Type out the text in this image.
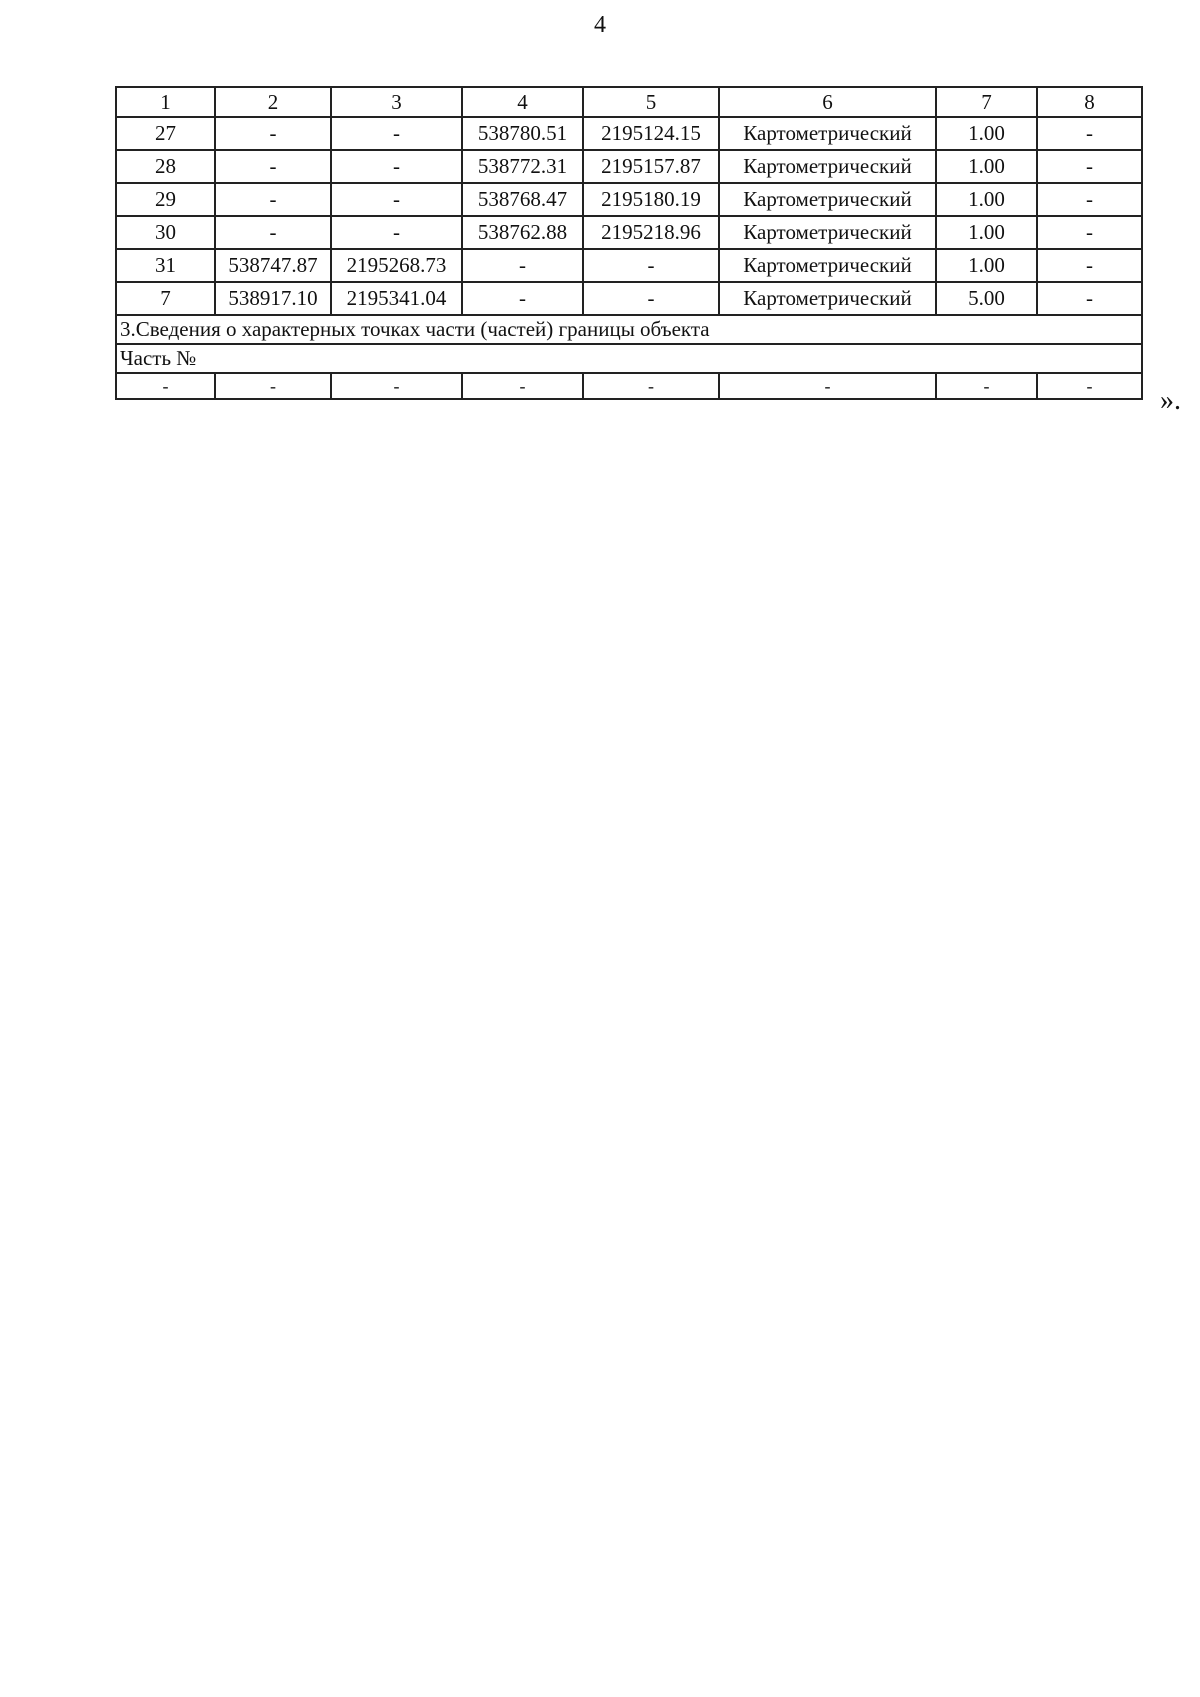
4
1	2	3	4	5	6	7	8
27	-	-	538780.51	2195124.15	Картометрический	1.00	-
28	-	-	538772.31	2195157.87	Картометрический	1.00	-
29	-	-	538768.47	2195180.19	Картометрический	1.00	-
30	-	-	538762.88	2195218.96	Картометрический	1.00	-
31	538747.87	2195268.73	-	-	Картометрический	1.00	-
7	538917.10	2195341.04	-	-	Картометрический	5.00	-
3.Сведения о характерных точках части (частей) границы объекта							
Часть №							
-	-	-	-	-	-	-	- ».
